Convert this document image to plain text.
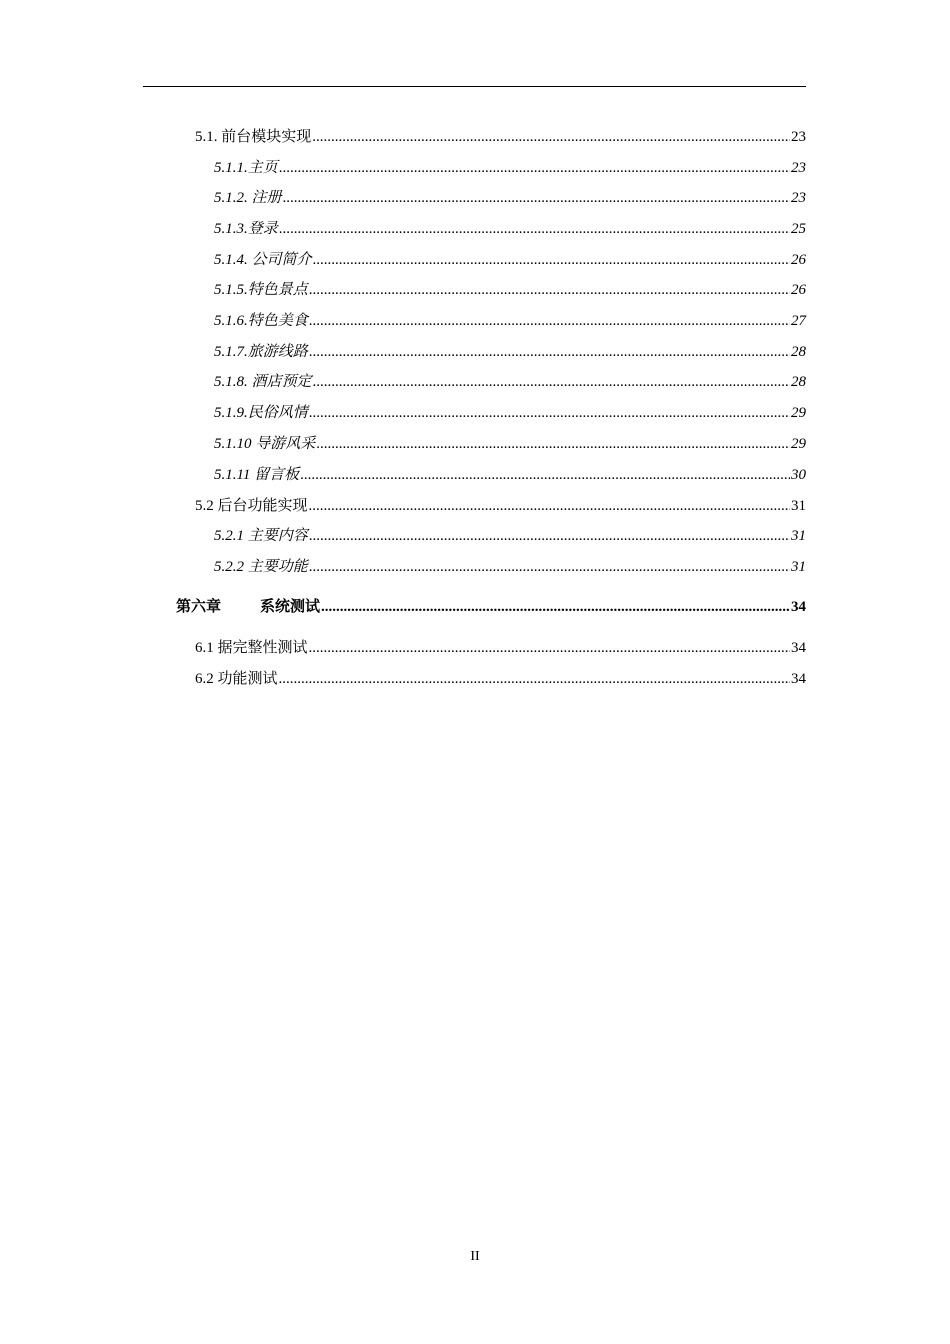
5.1. 前台模块实现 .....	23
5.1.1.主页 .....	23
5.1.2. 注册 .....	23
5.1.3.登录 .....	25
5.1.4. 公司简介 .....	26
5.1.5.特色景点 .....	26
5.1.6.特色美食 .....	27
5.1.7.旅游线路 .....	28
5.1.8. 酒店预定 .....	28
5.1.9.民俗风情 .....	29
5.1.10 导游风采 .....	29
5.1.11 留言板 .....	30
5.2 后台功能实现 .....	31
5.2.1 主要内容 .....	31
5.2.2 主要功能 .....	31
第六章	系统测试 .....	34
6.1 据完整性测试 .....	34
6.2 功能测试 .....	34
II
